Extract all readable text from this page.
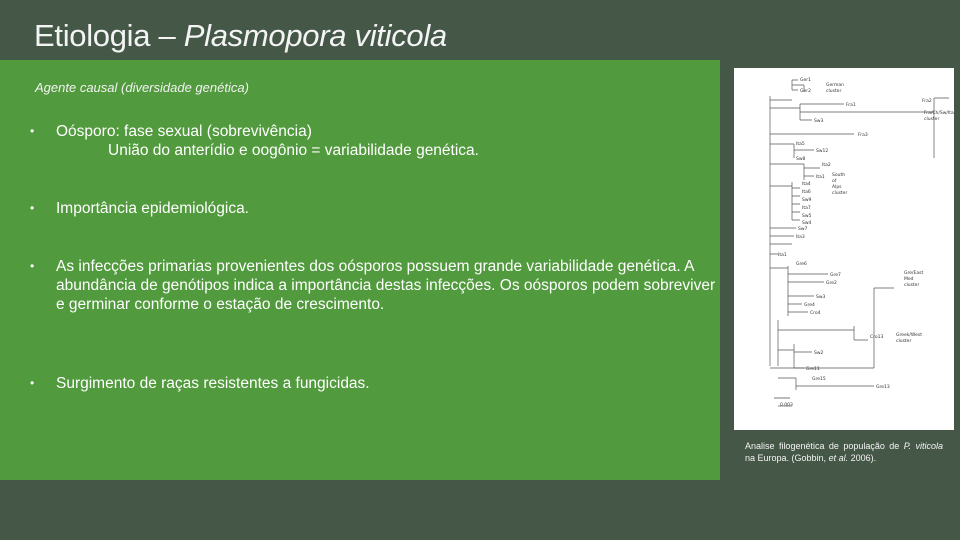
Etiologia – Plasmopora viticola
Agente causal (diversidade genética)
• Oósporo: fase sexual (sobrevivência)
União do anterídio e oogônio = variabilidade genética.
• Importância epidemiológica.
• As infecções primarias provenientes dos oósporos possuem grande variabilidade genética. A abundância de genótipos indica a importância destas infecções. Os oósporos podem sobreviver e germinar conforme o estação de crescimento.
• Surgimento de raças resistentes a fungicidas.
Ger1
Ger2
Fra1
Sw3
Fra3
Ita5
Sw12
Sw8
Ita2
Ita1
Ita4
Ita6
Sw9
Ita7
Sw5
Sw4
Sw7
Ita3
Ita1
Gre6
Gre7
Gre2
Sw3
Gre4
Cro4
Cro13
Sw2
Gre11
Gre15
Gre13
German cluster
Fra2
Fra/Ch/Sw/Ita cluster
South of Alps cluster
Gre/East Med cluster
Greek/West cluster
0.003
Analise filogenética de população de P. viticola na Europa. (Gobbin, et al. 2006).
